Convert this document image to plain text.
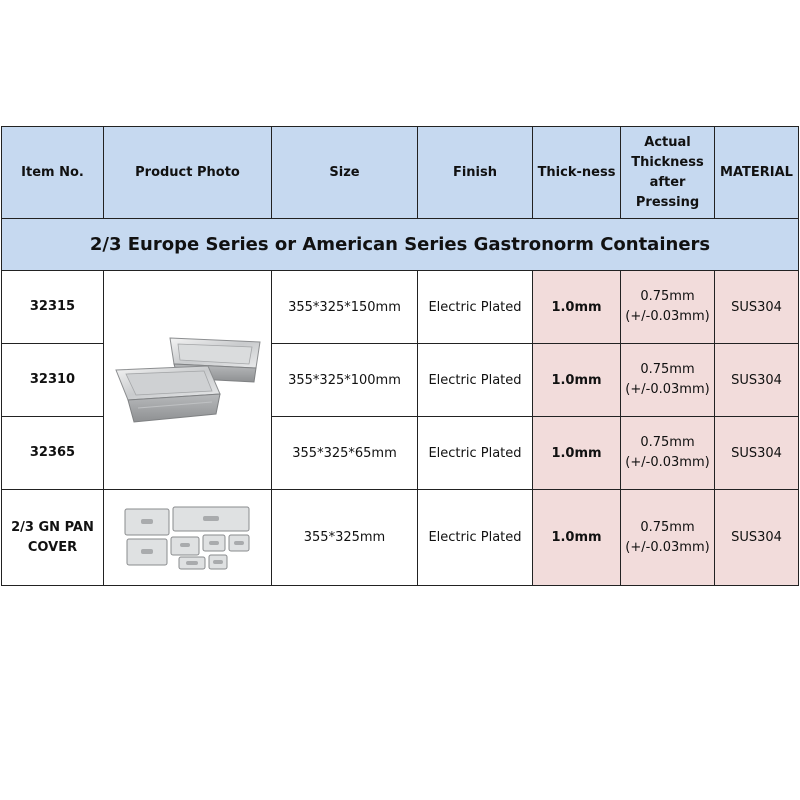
Item No.	Product Photo	Size	Finish	Thick-ness	Actual Thickness after Pressing	MATERIAL
2/3 Europe Series or American Series Gastronorm Containers						
32315		355*325*150mm	Electric Plated	1.0mm	0.75mm (+/-0.03mm)	SUS304
32310		355*325*100mm	Electric Plated	1.0mm	0.75mm (+/-0.03mm)	SUS304
32365		355*325*65mm	Electric Plated	1.0mm	0.75mm (+/-0.03mm)	SUS304
2/3 GN PAN COVER		355*325mm	Electric Plated	1.0mm	0.75mm (+/-0.03mm)	SUS304
